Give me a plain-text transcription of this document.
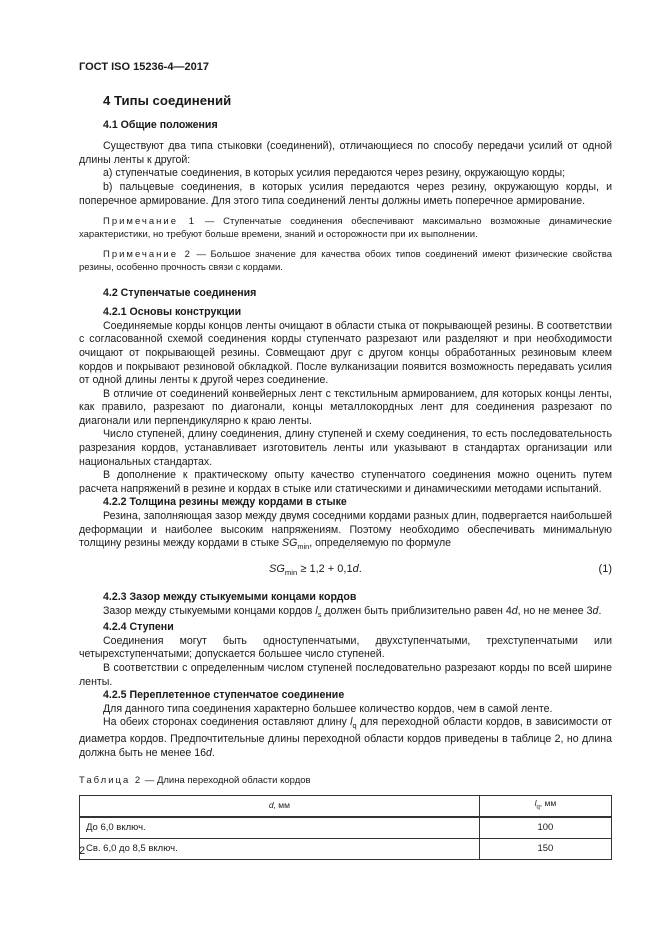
ГОСТ ISO 15236-4—2017

4 Типы соединений

4.1 Общие положения

Существуют два типа стыковки (соединений), отличающиеся по способу передачи усилий от одной длины ленты к другой:

a) ступенчатые соединения, в которых усилия передаются через резину, окружающую корды;

b) пальцевые соединения, в которых усилия передаются через резину, окружающую корды, и поперечное армирование. Для этого типа соединений ленты должны иметь поперечное армирование.

Примечание 1 — Ступенчатые соединения обеспечивают максимально возможные динамические характеристики, но требуют больше времени, знаний и осторожности при их выполнении.

Примечание 2 — Большое значение для качества обоих типов соединений имеют физические свойства резины, особенно прочность связи с кордами.

4.2 Ступенчатые соединения

4.2.1 Основы конструкции

Соединяемые корды концов ленты очищают в области стыка от покрывающей резины. В соответствии с согласованной схемой соединения корды ступенчато разрезают или разделяют и при необходимости очищают от покрывающей резины. Совмещают друг с другом концы обработанных резиновым клеем кордов и покрывают резиновой обкладкой. После вулканизации появится возможность передавать усилия от одной длины ленты к другой через соединение.

В отличие от соединений конвейерных лент с текстильным армированием, для которых концы ленты, как правило, разрезают по диагонали, концы металлокордных лент для соединения разрезают по диагонали или перпендикулярно к краю ленты.

Число ступеней, длину соединения, длину ступеней и схему соединения, то есть последовательность разрезания кордов, устанавливает изготовитель ленты или указывают в стандартах организации или национальных стандартах.

В дополнение к практическому опыту качество ступенчатого соединения можно оценить путем расчета напряжений в резине и кордах в стыке или статическими и динамическими методами испытаний.

4.2.2 Толщина резины между кордами в стыке

Резина, заполняющая зазор между двумя соседними кордами разных длин, подвергается наибольшей деформации и наиболее высоким напряжениям. Поэтому необходимо обеспечивать минимальную толщину резины между кордами в стыке $SG_{min}$, определяемую по формуле

$SG_{min} \ge 1,2 + 0,1d$.	(1)

4.2.3 Зазор между стыкуемыми концами кордов

Зазор между стыкуемыми концами кордов $l_s$ должен быть приблизительно равен 4d, но не менее 3d.

4.2.4 Ступени

Соединения могут быть одноступенчатыми, двухступенчатыми, трехступенчатыми или четырехступенчатыми; допускается большее число ступеней.

В соответствии с определенным числом ступеней последовательно разрезают корды по всей ширине ленты.

4.2.5 Переплетенное ступенчатое соединение

Для данного типа соединения характерно большее количество кордов, чем в самой ленте.

На обеих сторонах соединения оставляют длину $l_q$ для переходной области кордов, в зависимости от диаметра кордов. Предпочтительные длины переходной области кордов приведены в таблице 2, но длина должна быть не менее 16d.

Таблица 2 — Длина переходной области кордов

d, мм	$l_q$, мм
До 6,0 включ.	100
Св. 6,0 до 8,5 включ.	150
2
